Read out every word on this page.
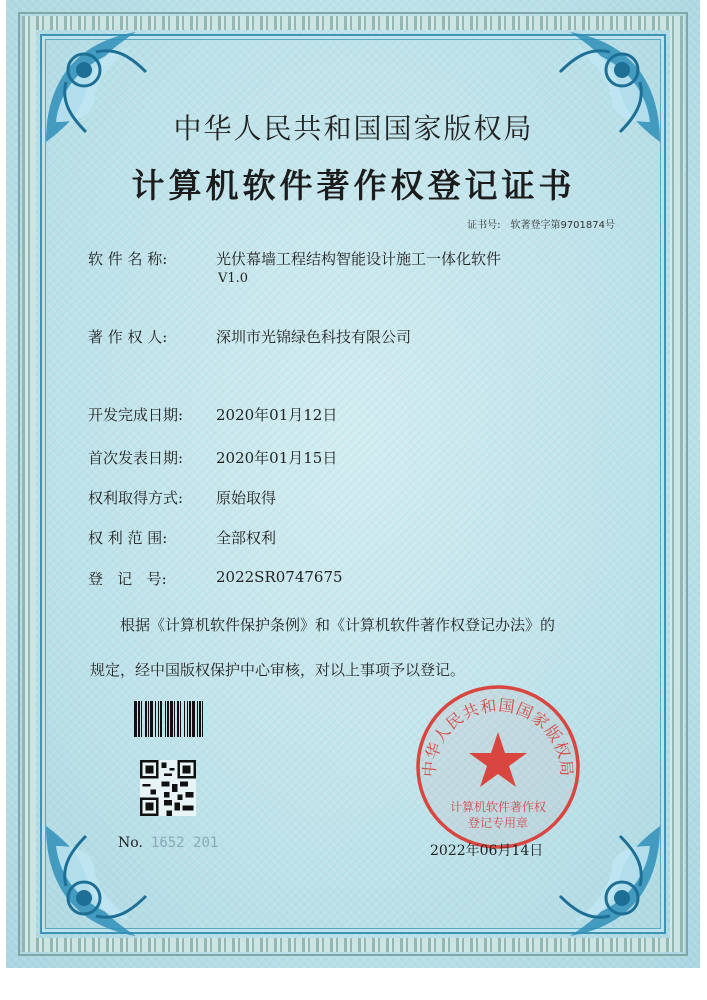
中华人民共和国国家版权局
计算机软件著作权登记证书
证书号: 软著登字第9701874号
软 件 名 称:	光伏幕墙工程结构智能设计施工一体化软件
V1.0
著 作 权 人:	深圳市光锦绿色科技有限公司
开发完成日期: 2020年01月12日
首次发表日期: 2020年01月15日
权利取得方式: 原始取得
权 利 范 围:	全部权利
登   记   号:	2022SR0747675
根据《计算机软件保护条例》和《计算机软件著作权登记办法》的
规定，经中国版权保护中心审核，对以上事项予以登记。
No. 1652 201
中华人民共和国国家版权局
计算机软件著作权
登记专用章
2022年06月14日
